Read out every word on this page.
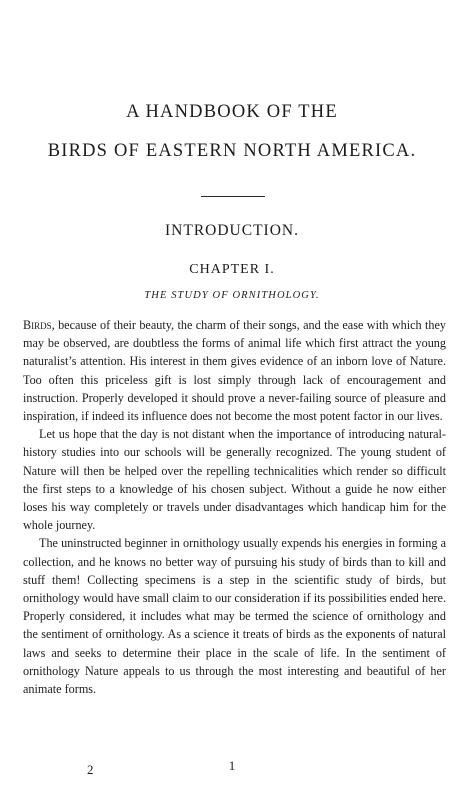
A HANDBOOK OF THE
BIRDS OF EASTERN NORTH AMERICA.
INTRODUCTION.
CHAPTER I.
THE STUDY OF ORNITHOLOGY.

Birds, because of their beauty, the charm of their songs, and the ease with which they may be observed, are doubtless the forms of animal life which first attract the young naturalist’s attention. His interest in them gives evidence of an inborn love of Nature. Too often this priceless gift is lost simply through lack of encouragement and instruction. Properly developed it should prove a never-failing source of pleasure and inspiration, if indeed its influence does not become the most potent factor in our lives.

Let us hope that the day is not distant when the importance of introducing natural-history studies into our schools will be generally recognized. The young student of Nature will then be helped over the repelling technicalities which render so difficult the first steps to a knowledge of his chosen subject. Without a guide he now either loses his way completely or travels under disadvantages which handicap him for the whole journey.

The uninstructed beginner in ornithology usually expends his energies in forming a collection, and he knows no better way of pursuing his study of birds than to kill and stuff them! Collecting specimens is a step in the scientific study of birds, but ornithology would have small claim to our consideration if its possibilities ended here. Properly considered, it includes what may be termed the science of ornithology and the sentiment of ornithology. As a science it treats of birds as the exponents of natural laws and seeks to determine their place in the scale of life. In the sentiment of ornithology Nature appeals to us through the most interesting and beautiful of her animate forms.

2	1
